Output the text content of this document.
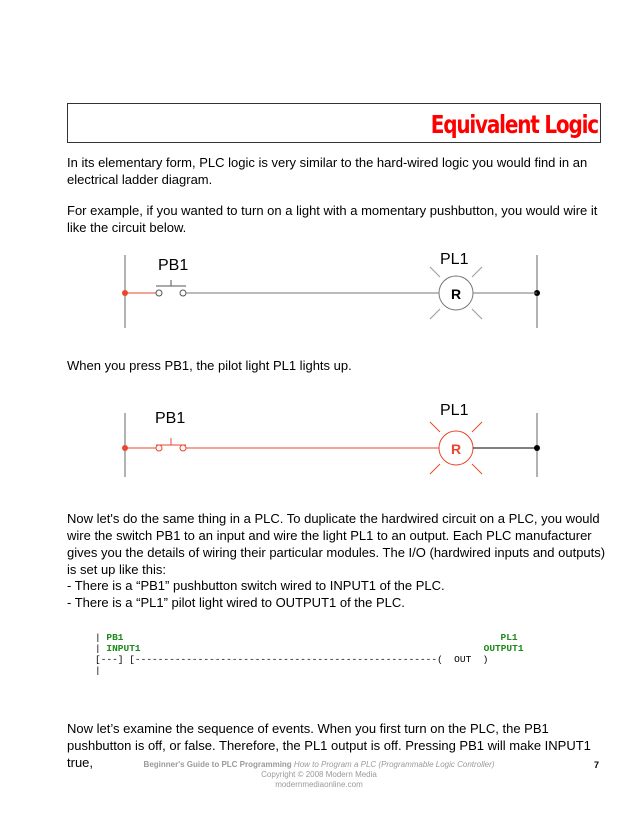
Equivalent Logic

In its elementary form, PLC logic is very similar to the hard-wired logic you would find in an electrical ladder diagram.

For example, if you wanted to turn on a light with a momentary pushbutton, you would wire it like the circuit below.

R
PB1	PL1

When you press PB1, the pilot light PL1 lights up.

R
PB1	PL1

Now let's do the same thing in a PLC. To duplicate the hardwired circuit on a PLC, you would wire the switch PB1 to an input and wire the light PL1 to an output. Each PLC manufacturer gives you the details of wiring their particular modules. The I/O (hardwired inputs and outputs) is set up like this:

- There is a “PB1” pushbutton switch wired to INPUT1 of the PLC.
- There is a “PL1” pilot light wired to OUTPUT1 of the PLC.
| PB1	PL1
| INPUT1	OUTPUT1
[---] [-----------------------------------------------------(  OUT  )
|

Now let’s examine the sequence of events. When you first turn on the PLC, the PB1 pushbutton is off, or false. Therefore, the PL1 output is off. Pressing PB1 will make INPUT1 true,	Beginner's Guide to PLC Programming How to Program a PLC (Programmable Logic Controller)
Copyright © 2008 Modern Media
modernmediaonline.com
7
